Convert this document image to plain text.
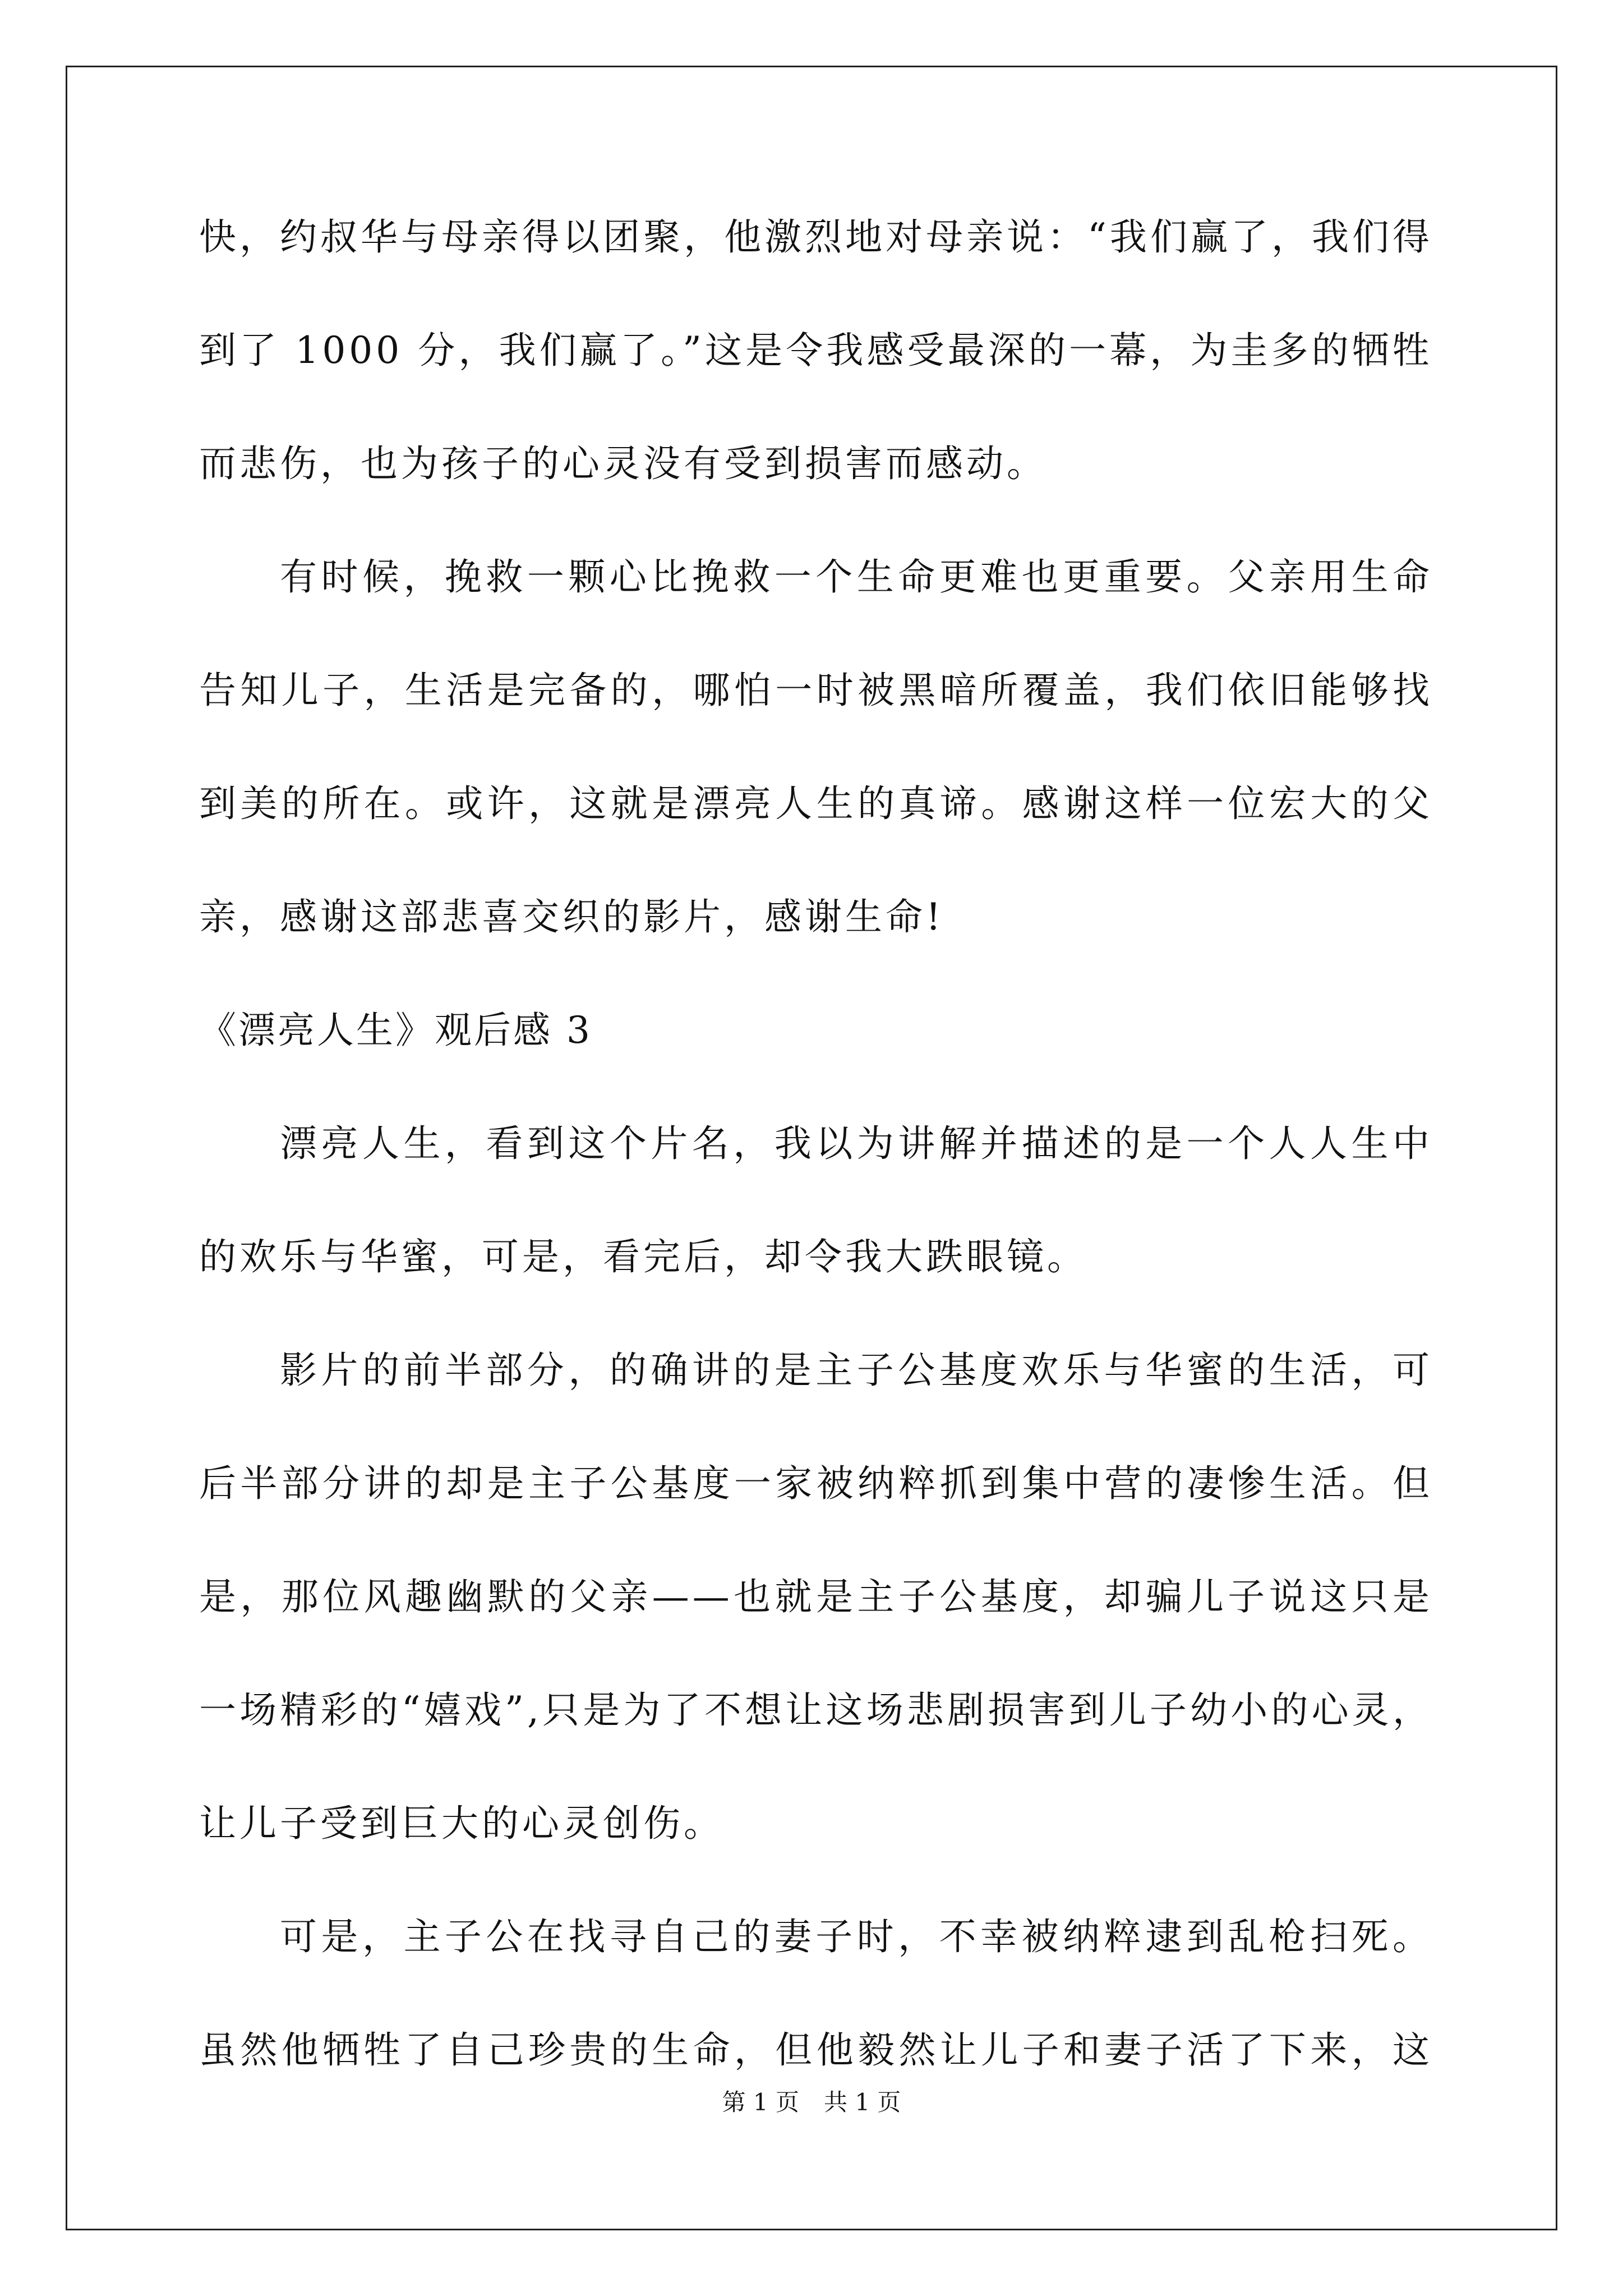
快，约叔华与母亲得以团聚，他激烈地对母亲说：“我们赢了，我们得

到了 1000 分，我们赢了。”这是令我感受最深的一幕，为圭多的牺牲

而悲伤，也为孩子的心灵没有受到损害而感动。

有时候，挽救一颗心比挽救一个生命更难也更重要。父亲用生命

告知儿子，生活是完备的，哪怕一时被黑暗所覆盖，我们依旧能够找

到美的所在。或许，这就是漂亮人生的真谛。感谢这样一位宏大的父

亲，感谢这部悲喜交织的影片，感谢生命!

《漂亮人生》观后感 3

漂亮人生，看到这个片名，我以为讲解并描述的是一个人人生中

的欢乐与华蜜，可是，看完后，却令我大跌眼镜。

影片的前半部分，的确讲的是主子公基度欢乐与华蜜的生活，可

后半部分讲的却是主子公基度一家被纳粹抓到集中营的凄惨生活。但

是，那位风趣幽默的父亲——也就是主子公基度，却骗儿子说这只是

一场精彩的“嬉戏”,只是为了不想让这场悲剧损害到儿子幼小的心灵，

让儿子受到巨大的心灵创伤。

可是，主子公在找寻自己的妻子时，不幸被纳粹逮到乱枪扫死。

虽然他牺牲了自己珍贵的生命，但他毅然让儿子和妻子活了下来，这

第 1 页 共 1 页
